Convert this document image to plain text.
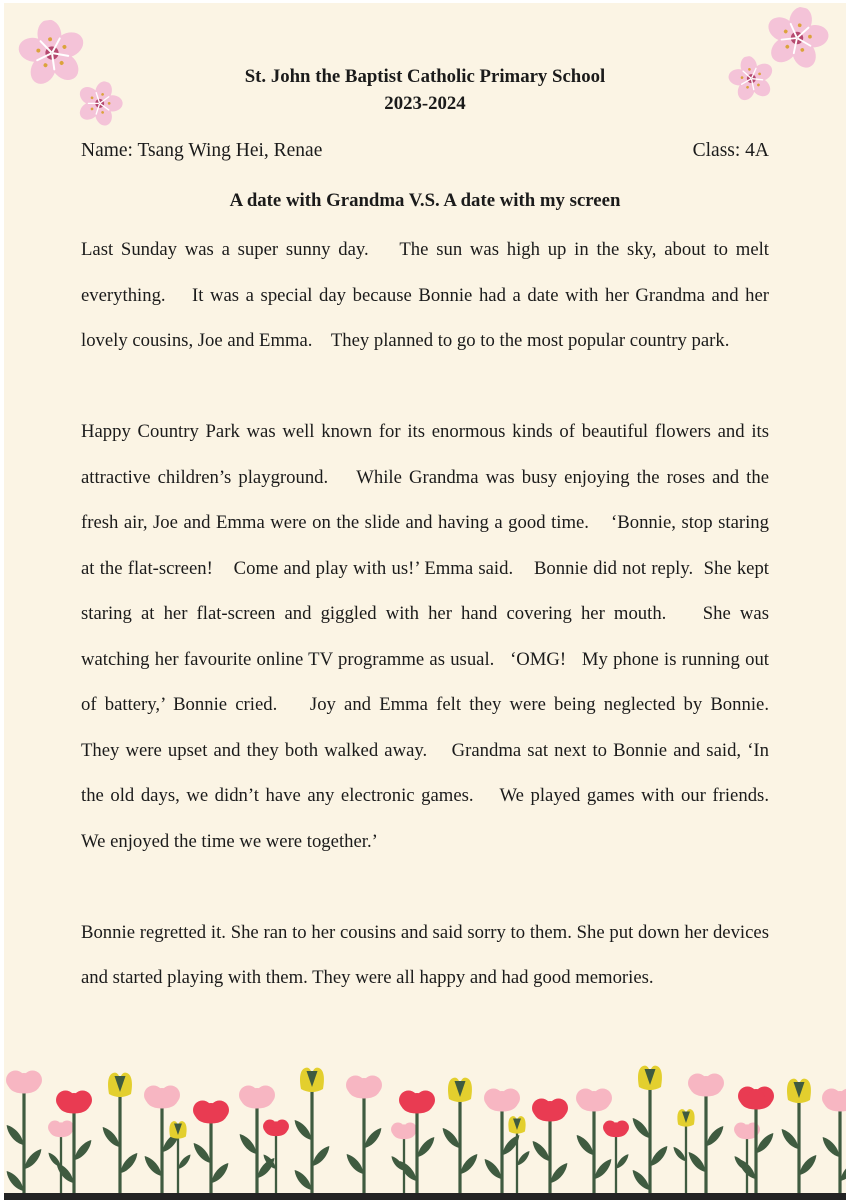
St. John the Baptist Catholic Primary School
2023-2024
Name: Tsang Wing Hei, Renae	Class: 4A
A date with Grandma V.S. A date with my screen

Last Sunday was a super sunny day.    The sun was high up in the sky, about to melt everything.    It was a special day because Bonnie had a date with her Grandma and her lovely cousins, Joe and Emma.    They planned to go to the most popular country park.

Happy Country Park was well known for its enormous kinds of beautiful flowers and its attractive children’s playground.    While Grandma was busy enjoying the roses and the fresh air, Joe and Emma were on the slide and having a good time.    ‘Bonnie, stop staring at the flat-screen!    Come and play with us!’ Emma said.    Bonnie did not reply.  She kept staring at her flat-screen and giggled with her hand covering her mouth.    She was watching her favourite online TV programme as usual.   ‘OMG!   My phone is running out of battery,’ Bonnie cried.    Joy and Emma felt they were being neglected by Bonnie.    They were upset and they both walked away.    Grandma sat next to Bonnie and said, ‘In the old days, we didn’t have any electronic games.    We played games with our friends.    We enjoyed the time we were together.’

Bonnie regretted it. She ran to her cousins and said sorry to them. She put down her devices and started playing with them. They were all happy and had good memories.
